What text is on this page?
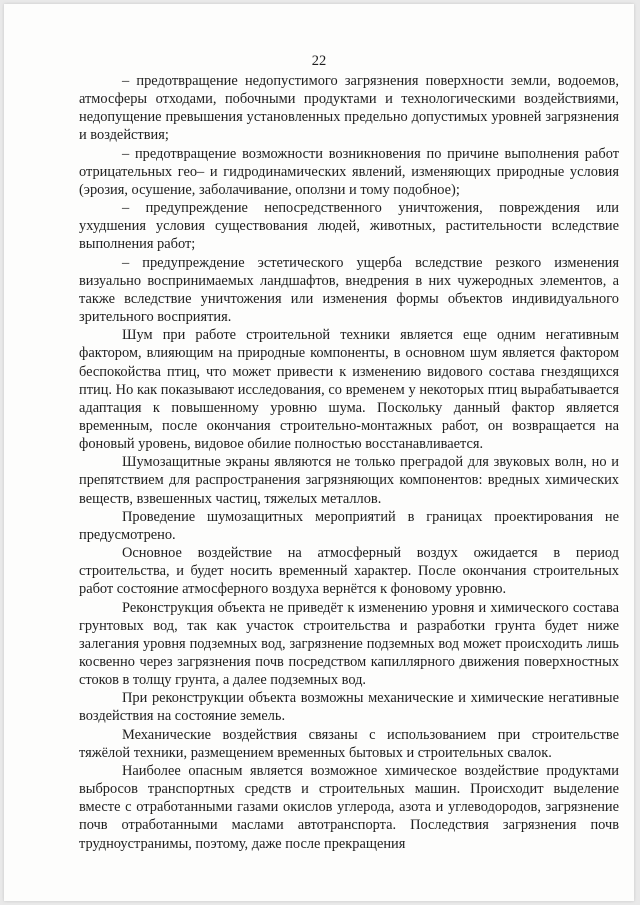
22

– предотвращение недопустимого загрязнения поверхности земли, водоемов, атмосферы отходами, побочными продуктами и технологическими воздействиями, недопущение превышения установленных предельно допустимых уровней загрязнения и воздействия;

– предотвращение возможности возникновения по причине выполнения работ отрицательных гео– и гидродинамических явлений, изменяющих природные условия (эрозия, осушение, заболачивание, оползни и тому подобное);

– предупреждение непосредственного уничтожения, повреждения или ухудшения условия существования людей, животных, растительности вследствие выполнения работ;

– предупреждение эстетического ущерба вследствие резкого изменения визуально воспринимаемых ландшафтов, внедрения в них чужеродных элементов, а также вследствие уничтожения или изменения формы объектов индивидуального зрительного восприятия.

Шум при работе строительной техники является еще одним негативным фактором, влияющим на природные компоненты, в основном шум является фактором беспокойства птиц, что может привести к изменению видового состава гнездящихся птиц. Но как показывают исследования, со временем у некоторых птиц вырабатывается адаптация к повышенному уровню шума. Поскольку данный фактор является временным, после окончания строительно-монтажных работ, он возвращается на фоновый уровень, видовое обилие полностью восстанавливается.

Шумозащитные экраны являются не только преградой для звуковых волн, но и препятствием для распространения загрязняющих компонентов: вредных химических веществ, взвешенных частиц, тяжелых металлов.

Проведение шумозащитных мероприятий в границах проектирования не предусмотрено.

Основное воздействие на атмосферный воздух ожидается в период строительства, и будет носить временный характер. После окончания строительных работ состояние атмосферного воздуха вернётся к фоновому уровню.

Реконструкция объекта не приведёт к изменению уровня и химического состава грунтовых вод, так как участок строительства и разработки грунта будет ниже залегания уровня подземных вод, загрязнение подземных вод может происходить лишь косвенно через загрязнения почв посредством капиллярного движения поверхностных стоков в толщу грунта, а далее подземных вод.

При реконструкции объекта возможны механические и химические негативные воздействия на состояние земель.

Механические воздействия связаны с использованием при строительстве тяжёлой техники, размещением временных бытовых и строительных свалок.

Наиболее опасным является возможное химическое воздействие продуктами выбросов транспортных средств и строительных машин. Происходит выделение вместе с отработанными газами окислов углерода, азота и углеводородов, загрязнение почв отработанными маслами автотранспорта. Последствия загрязнения почв трудноустранимы, поэтому, даже после прекращения
